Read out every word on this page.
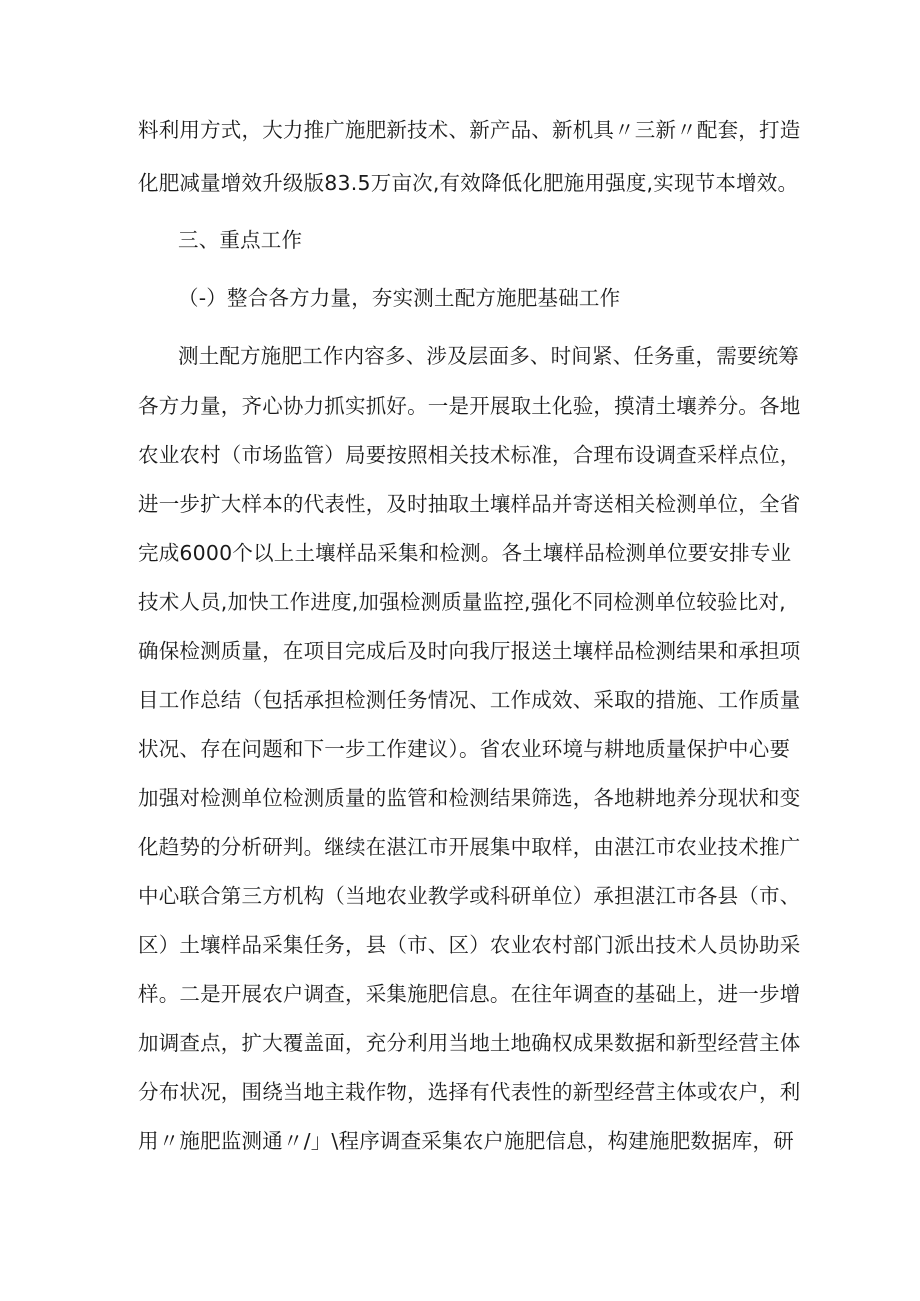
料利用方式，大力推广施肥新技术、新产品、新机具〃三新〃配套，打造
化肥减量增效升级版83.5万亩次,有效降低化肥施用强度,实现节本增效。
三、重点工作
（-）整合各方力量，夯实测土配方施肥基础工作
测土配方施肥工作内容多、涉及层面多、时间紧、任务重，需要统筹
各方力量，齐心协力抓实抓好。一是开展取土化验，摸清土壤养分。各地
农业农村（市场监管）局要按照相关技术标准，合理布设调查采样点位，
进一步扩大样本的代表性，及时抽取土壤样品并寄送相关检测单位，全省
完成6000个以上土壤样品采集和检测。各土壤样品检测单位要安排专业
技术人员,加快工作进度,加强检测质量监控,强化不同检测单位较验比对,
确保检测质量，在项目完成后及时向我厅报送土壤样品检测结果和承担项
目工作总结（包括承担检测任务情况、工作成效、采取的措施、工作质量
状况、存在问题和下一步工作建议）。省农业环境与耕地质量保护中心要
加强对检测单位检测质量的监管和检测结果筛选，各地耕地养分现状和变
化趋势的分析研判。继续在湛江市开展集中取样，由湛江市农业技术推广
中心联合第三方机构（当地农业教学或科研单位）承担湛江市各县（市、
区）土壤样品采集任务，县（市、区）农业农村部门派出技术人员协助采
样。二是开展农户调查，采集施肥信息。在往年调查的基础上，进一步增
加调查点，扩大覆盖面，充分利用当地土地确权成果数据和新型经营主体
分布状况，围绕当地主栽作物，选择有代表性的新型经营主体或农户，利
用〃施肥监测通〃/」\程序调查采集农户施肥信息，构建施肥数据库，研
